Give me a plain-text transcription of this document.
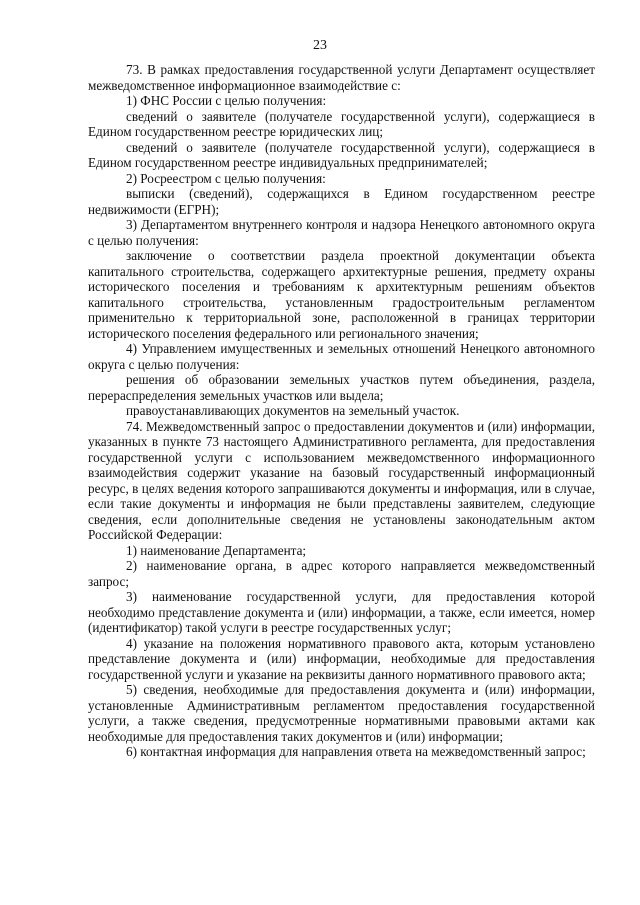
23

73. В рамках предоставления государственной услуги Департамент осуществляет межведомственное информационное взаимодействие с:

1) ФНС России с целью получения:

сведений о заявителе (получателе государственной услуги), содержащиеся в Едином государственном реестре юридических лиц;

сведений о заявителе (получателе государственной услуги), содержащиеся в Едином государственном реестре индивидуальных предпринимателей;

2) Росреестром с целью получения:

выписки (сведений), содержащихся в Едином государственном реестре недвижимости (ЕГРН);

3) Департаментом внутреннего контроля и надзора Ненецкого автономного округа с целью получения:

заключение о соответствии раздела проектной документации объекта капитального строительства, содержащего архитектурные решения, предмету охраны исторического поселения и требованиям к архитектурным решениям объектов капитального строительства, установленным градостроительным регламентом применительно к территориальной зоне, расположенной в границах территории исторического поселения федерального или регионального значения;

4) Управлением имущественных и земельных отношений Ненецкого автономного округа с целью получения:

решения об образовании земельных участков путем объединения, раздела, перераспределения земельных участков или выдела;

правоустанавливающих документов на земельный участок.

74. Межведомственный запрос о предоставлении документов и (или) информации, указанных в пункте 73 настоящего Административного регламента, для предоставления государственной услуги с использованием межведомственного информационного взаимодействия содержит указание на базовый государственный информационный ресурс, в целях ведения которого запрашиваются документы и информация, или в случае, если такие документы и информация не были представлены заявителем, следующие сведения, если дополнительные сведения не установлены законодательным актом Российской Федерации:

1) наименование Департамента;

2) наименование органа, в адрес которого направляется межведомственный запрос;

3) наименование государственной услуги, для предоставления которой необходимо представление документа и (или) информации, а также, если имеется, номер (идентификатор) такой услуги в реестре государственных услуг;

4) указание на положения нормативного правового акта, которым установлено представление документа и (или) информации, необходимые для предоставления государственной услуги и указание на реквизиты данного нормативного правового акта;

5) сведения, необходимые для предоставления документа и (или) информации, установленные Административным регламентом предоставления государственной услуги, а также сведения, предусмотренные нормативными правовыми актами как необходимые для предоставления таких документов и (или) информации;

6) контактная информация для направления ответа на межведомственный запрос;
